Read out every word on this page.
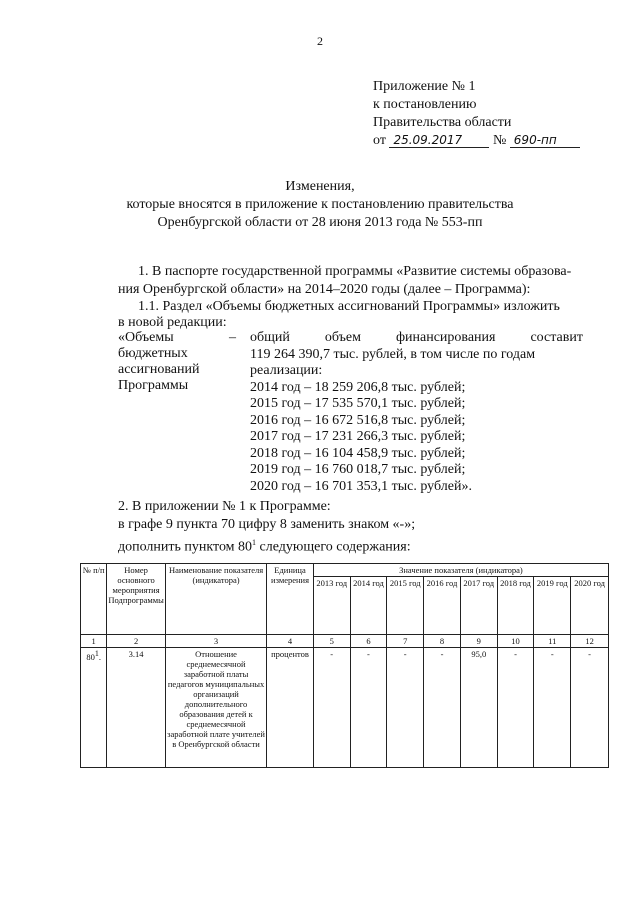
2
Приложение № 1
к постановлению
Правительства области
от 25.09.2017 № 690-пп
Изменения,
которые вносятся в приложение к постановлению правительства
Оренбургской области от 28 июня 2013 года № 553-пп
1. В паспорте государственной программы «Развитие системы образова-
ния Оренбургской области» на 2014–2020 годы (далее – Программа):
1.1. Раздел «Объемы бюджетных ассигнований Программы» изложить
в новой редакции:
«Объемы
бюджетных
ассигнований
Программы
– общий объем финансирования составит
119 264 390,7 тыс. рублей, в том числе по годам
реализации:
2014 год – 18 259 206,8 тыс. рублей;
2015 год – 17 535 570,1 тыс. рублей;
2016 год – 16 672 516,8 тыс. рублей;
2017 год – 17 231 266,3 тыс. рублей;
2018 год – 16 104 458,9 тыс. рублей;
2019 год – 16 760 018,7 тыс. рублей;
2020 год – 16 701 353,1 тыс. рублей».
2. В приложении № 1 к Программе:
в графе 9 пункта 70 цифру 8 заменить знаком «-»;
дополнить пунктом $80^1$ следующего содержания:
№ п/п	Номер основного мероприятия Подпрограммы	Наименование показателя (индикатора)	Единица измерения	Значение показателя (индикатора)							
				2013 год	2014 год	2015 год	2016 год	2017 год	2018 год	2019 год	2020 год
1	2	3	4	5	6	7	8	9	10	11	12
$80^1$.	3.14	Отношение среднемесячной заработной платы педагогов муниципальных организаций дополнительного образования детей к среднемесячной заработной плате учителей в Оренбургской области	процентов	-	-	-	-	95,0	-	-	-
